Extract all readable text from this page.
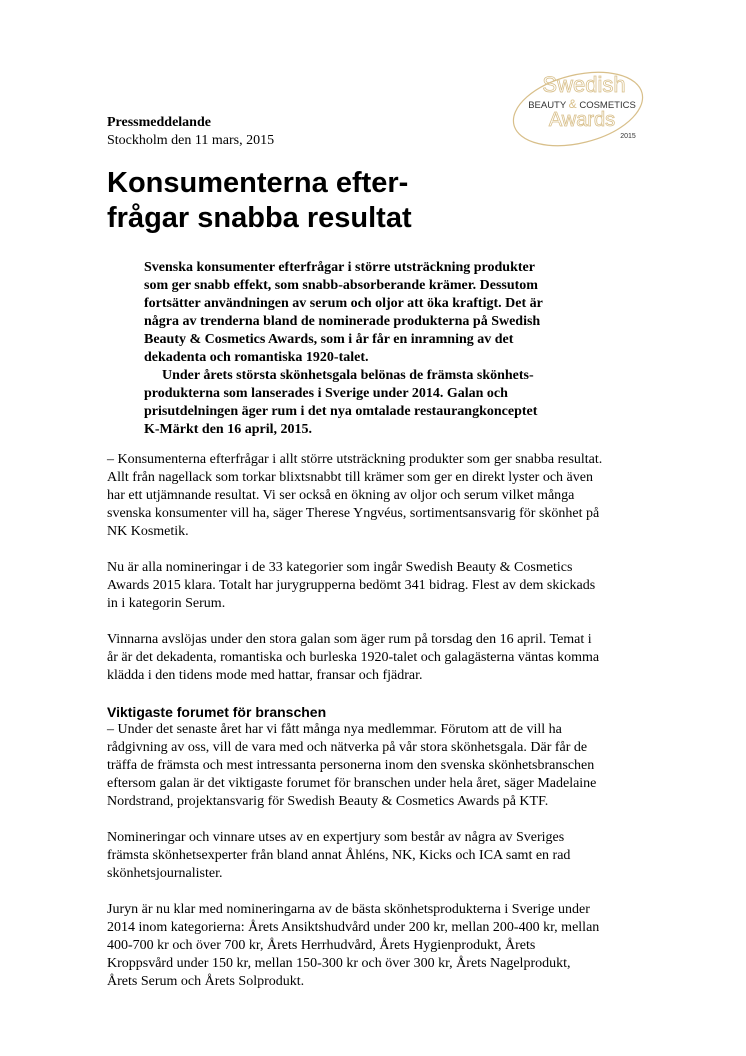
Swedish
BEAUTY & COSMETICS
Awards
2015
Pressmeddelande
Stockholm den 11 mars, 2015
Konsumenterna efter-
frågar snabba resultat
Svenska konsumenter efterfrågar i större utsträckning produkter
som ger snabb effekt, som snabb-absorberande krämer. Dessutom
fortsätter användningen av serum och oljor att öka kraftigt. Det är
några av trenderna bland de nominerade produkterna på Swedish
Beauty & Cosmetics Awards, som i år får en inramning av det
dekadenta och romantiska 1920-talet.
Under årets största skönhetsgala belönas de främsta skönhets-
produkterna som lanserades i Sverige under 2014. Galan och
prisutdelningen äger rum i det nya omtalade restaurangkonceptet
K-Märkt den 16 april, 2015.

– Konsumenterna efterfrågar i allt större utsträckning produkter som ger snabba resultat.
Allt från nagellack som torkar blixtsnabbt till krämer som ger en direkt lyster och även
har ett utjämnande resultat. Vi ser också en ökning av oljor och serum vilket många
svenska konsumenter vill ha, säger Therese Yngvéus, sortimentsansvarig för skönhet på
NK Kosmetik.

Nu är alla nomineringar i de 33 kategorier som ingår Swedish Beauty & Cosmetics
Awards 2015 klara. Totalt har jurygrupperna bedömt 341 bidrag. Flest av dem skickads
in i kategorin Serum.

Vinnarna avslöjas under den stora galan som äger rum på torsdag den 16 april. Temat i
år är det dekadenta, romantiska och burleska 1920-talet och galagästerna väntas komma
klädda i den tidens mode med hattar, fransar och fjädrar.

Viktigaste forumet för branschen

– Under det senaste året har vi fått många nya medlemmar. Förutom att de vill ha
rådgivning av oss, vill de vara med och nätverka på vår stora skönhetsgala. Där får de
träffa de främsta och mest intressanta personerna inom den svenska skönhetsbranschen
eftersom galan är det viktigaste forumet för branschen under hela året, säger Madelaine
Nordstrand, projektansvarig för Swedish Beauty & Cosmetics Awards på KTF.

Nomineringar och vinnare utses av en expertjury som består av några av Sveriges
främsta skönhetsexperter från bland annat Åhléns, NK, Kicks och ICA samt en rad
skönhetsjournalister.

Juryn är nu klar med nomineringarna av de bästa skönhetsprodukterna i Sverige under
2014 inom kategorierna: Årets Ansiktshudvård under 200 kr, mellan 200-400 kr, mellan
400-700 kr och över 700 kr, Årets Herrhudvård, Årets Hygienprodukt, Årets
Kroppsvård under 150 kr, mellan 150-300 kr och över 300 kr, Årets Nagelprodukt,
Årets Serum och Årets Solprodukt.
